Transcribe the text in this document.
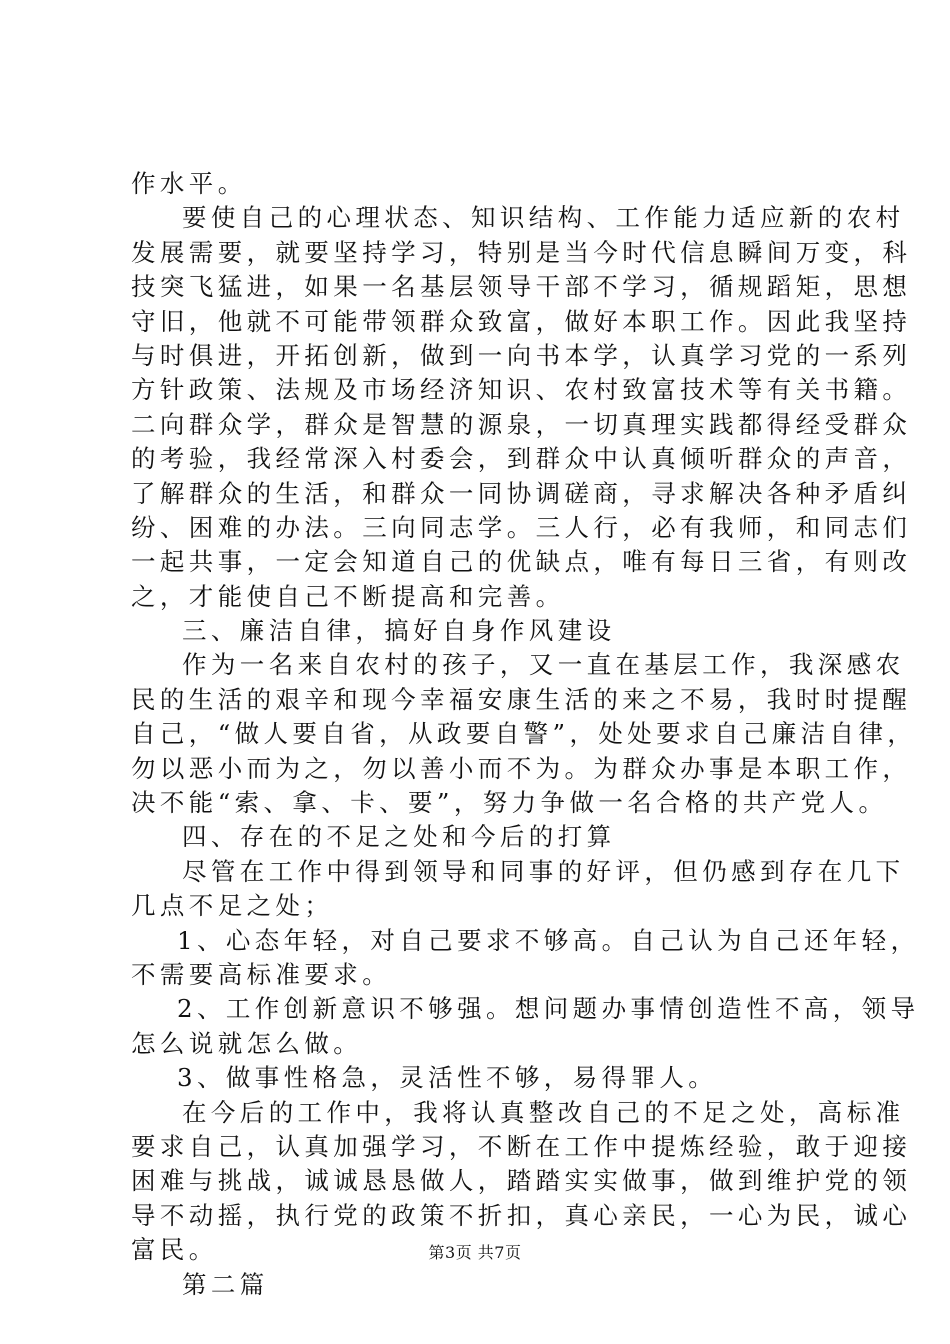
作水平。
要使自己的心理状态、知识结构、工作能力适应新的农村
发展需要，就要坚持学习，特别是当今时代信息瞬间万变，科
技突飞猛进，如果一名基层领导干部不学习，循规蹈矩，思想
守旧，他就不可能带领群众致富，做好本职工作。因此我坚持
与时俱进，开拓创新，做到一向书本学，认真学习党的一系列
方针政策、法规及市场经济知识、农村致富技术等有关书籍。
二向群众学，群众是智慧的源泉，一切真理实践都得经受群众
的考验，我经常深入村委会，到群众中认真倾听群众的声音，
了解群众的生活，和群众一同协调磋商，寻求解决各种矛盾纠
纷、困难的办法。三向同志学。三人行，必有我师，和同志们
一起共事，一定会知道自己的优缺点，唯有每日三省，有则改
之，才能使自己不断提高和完善。
三、廉洁自律，搞好自身作风建设
作为一名来自农村的孩子，又一直在基层工作，我深感农
民的生活的艰辛和现今幸福安康生活的来之不易，我时时提醒
自己，“做人要自省，从政要自警”，处处要求自己廉洁自律，
勿以恶小而为之，勿以善小而不为。为群众办事是本职工作，
决不能“索、拿、卡、要”，努力争做一名合格的共产党人。
四、存在的不足之处和今后的打算
尽管在工作中得到领导和同事的好评，但仍感到存在几下
几点不足之处；
1、心态年轻，对自己要求不够高。自己认为自己还年轻，
不需要高标准要求。
2、工作创新意识不够强。想问题办事情创造性不高，领导
怎么说就怎么做。
3、做事性格急，灵活性不够，易得罪人。
在今后的工作中，我将认真整改自己的不足之处，高标准
要求自己，认真加强学习，不断在工作中提炼经验，敢于迎接
困难与挑战，诚诚恳恳做人，踏踏实实做事，做到维护党的领
导不动摇，执行党的政策不折扣，真心亲民，一心为民，诚心
富民。
第二篇
第3页 共7页
